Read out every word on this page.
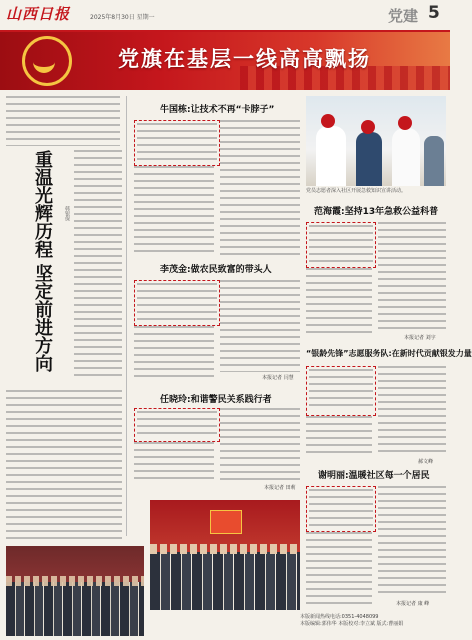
山西日报	2025年8月30日 星期一	党建 5
党旗在基层一线高高飘扬
重温光辉历程 坚定前进方向 韩银保
牛国栋:让技术不再“卡脖子”
李茂金:做农民致富的带头人
本报记者 闫慧
任晓玲:和谐警民关系践行者
本报记者 田莉
党员志愿者深入社区开展急救知识宣讲活动。
范海霞:坚持13年急救公益科普
本报记者 刘宇
“银龄先锋”志愿服务队:在新时代贡献银发力量
郝文峰
谢明丽:温暖社区每一个居民
本报记者 康 峰
本版新闻热线电话:0351-4048099
本版编辑:郭伟华 本版校对:李立斌 版式:曹丽娟
